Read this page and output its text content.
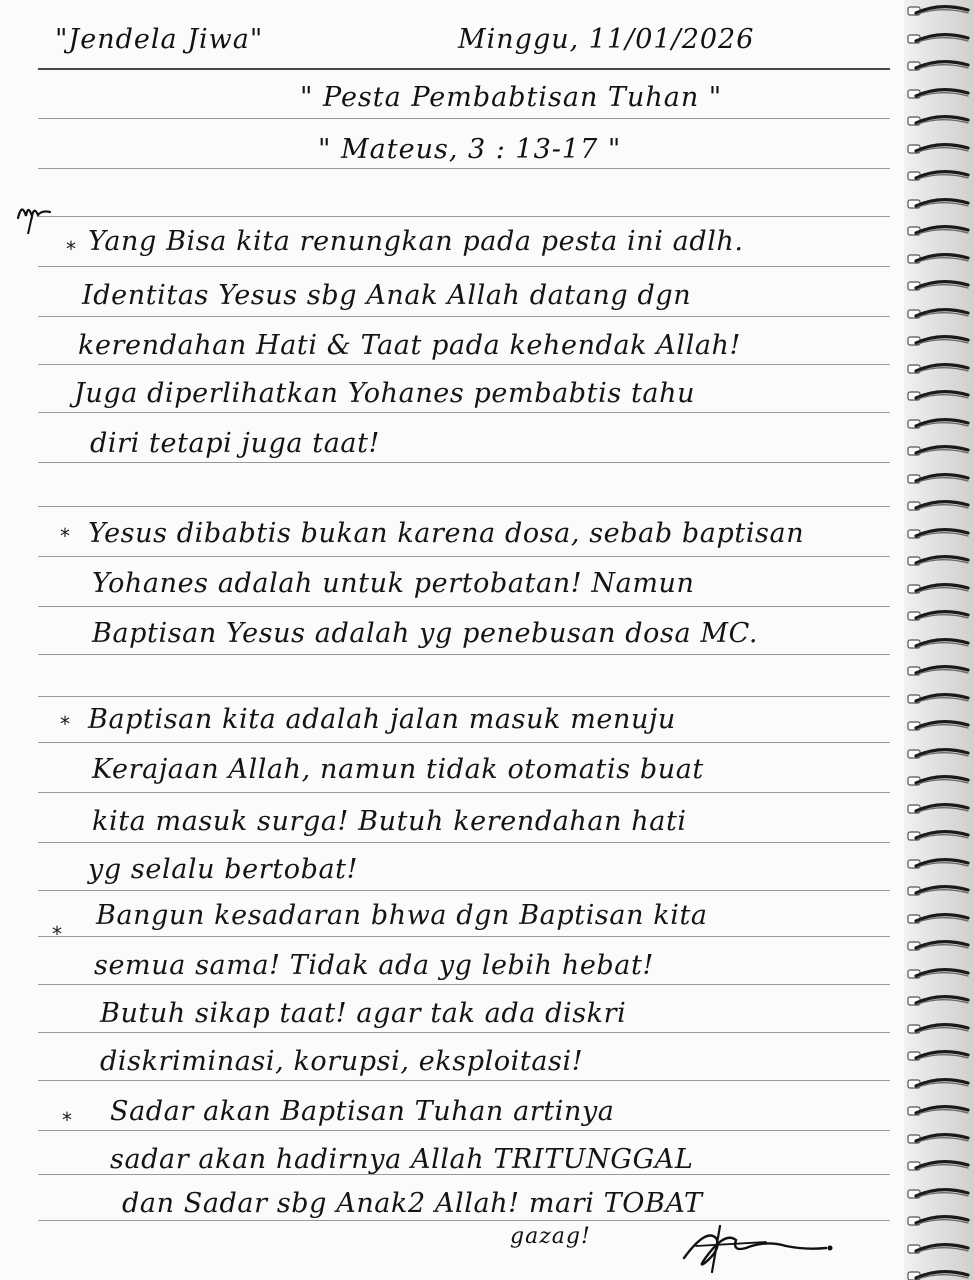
"Jendela Jiwa"	Minggu, 11/01/2026
" Pesta Pembabtisan Tuhan "
" Mateus, 3 : 13-17 "
* Yang Bisa kita renungkan pada pesta ini adlh.
Identitas Yesus sbg Anak Allah datang dgn
kerendahan Hati & Taat pada kehendak Allah!
Juga diperlihatkan Yohanes pembabtis tahu
diri tetapi juga taat!
* Yesus dibabtis bukan karena dosa, sebab baptisan
Yohanes adalah untuk pertobatan! Namun
Baptisan Yesus adalah yg penebusan dosa MC.
* Baptisan kita adalah jalan masuk menuju
Kerajaan Allah, namun tidak otomatis buat
kita masuk surga! Butuh kerendahan hati
yg selalu bertobat!
*
Bangun kesadaran bhwa dgn Baptisan kita
semua sama! Tidak ada yg lebih hebat!
Butuh sikap taat! agar tak ada diskri
diskriminasi, korupsi, eksploitasi!
* Sadar akan Baptisan Tuhan artinya
sadar akan hadirnya Allah TRITUNGGAL
dan Sadar sbg Anak2 Allah! mari TOBAT
gazag!
